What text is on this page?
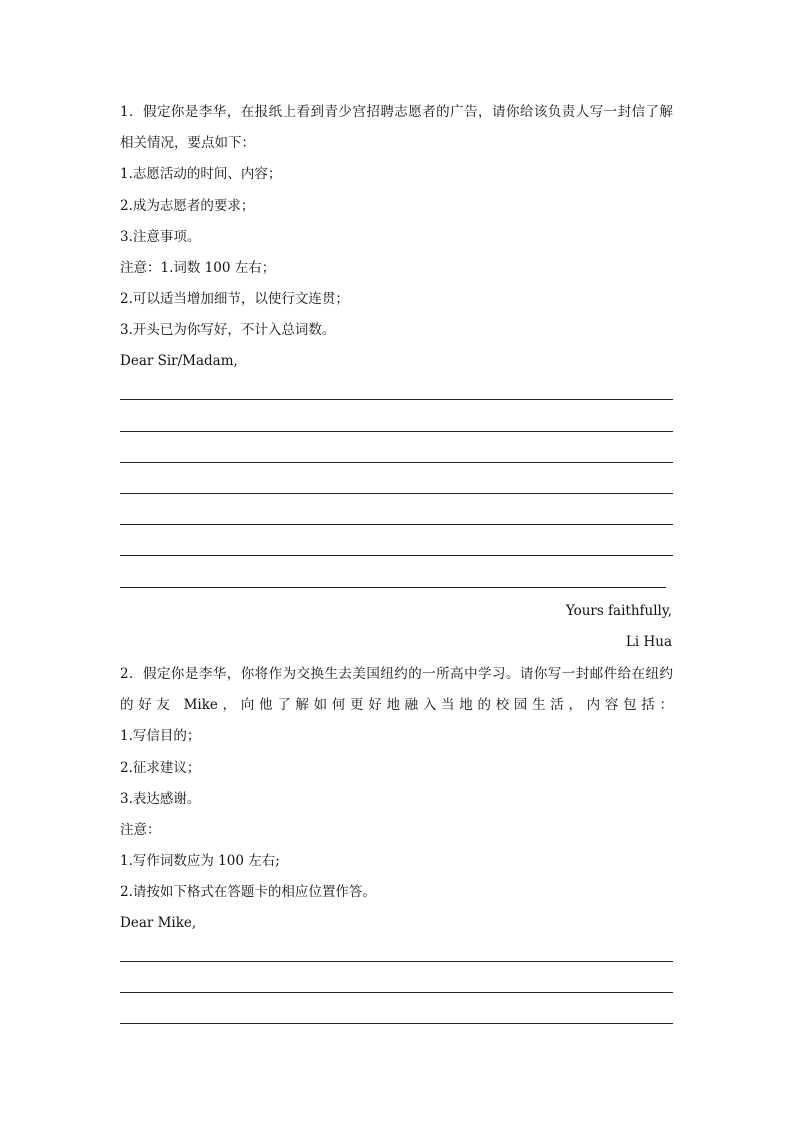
1．假定你是李华，在报纸上看到青少宫招聘志愿者的广告，请你给该负责人写一封信了解
相关情况，要点如下：
1.志愿活动的时间、内容；
2.成为志愿者的要求；
3.注意事项。
注意：1.词数 100 左右；
2.可以适当增加细节，以使行文连贯；
3.开头已为你写好，不计入总词数。
Dear Sir/Madam,
Yours faithfully,
Li Hua
2．假定你是李华，你将作为交换生去美国纽约的一所高中学习。请你写一封邮件给在纽约
的好友 Mike，向他了解如何更好地融入当地的校园生活，内容包括：
1.写信目的；
2.征求建议；
3.表达感谢。
注意：
1.写作词数应为 100 左右;
2.请按如下格式在答题卡的相应位置作答。
Dear Mike,
